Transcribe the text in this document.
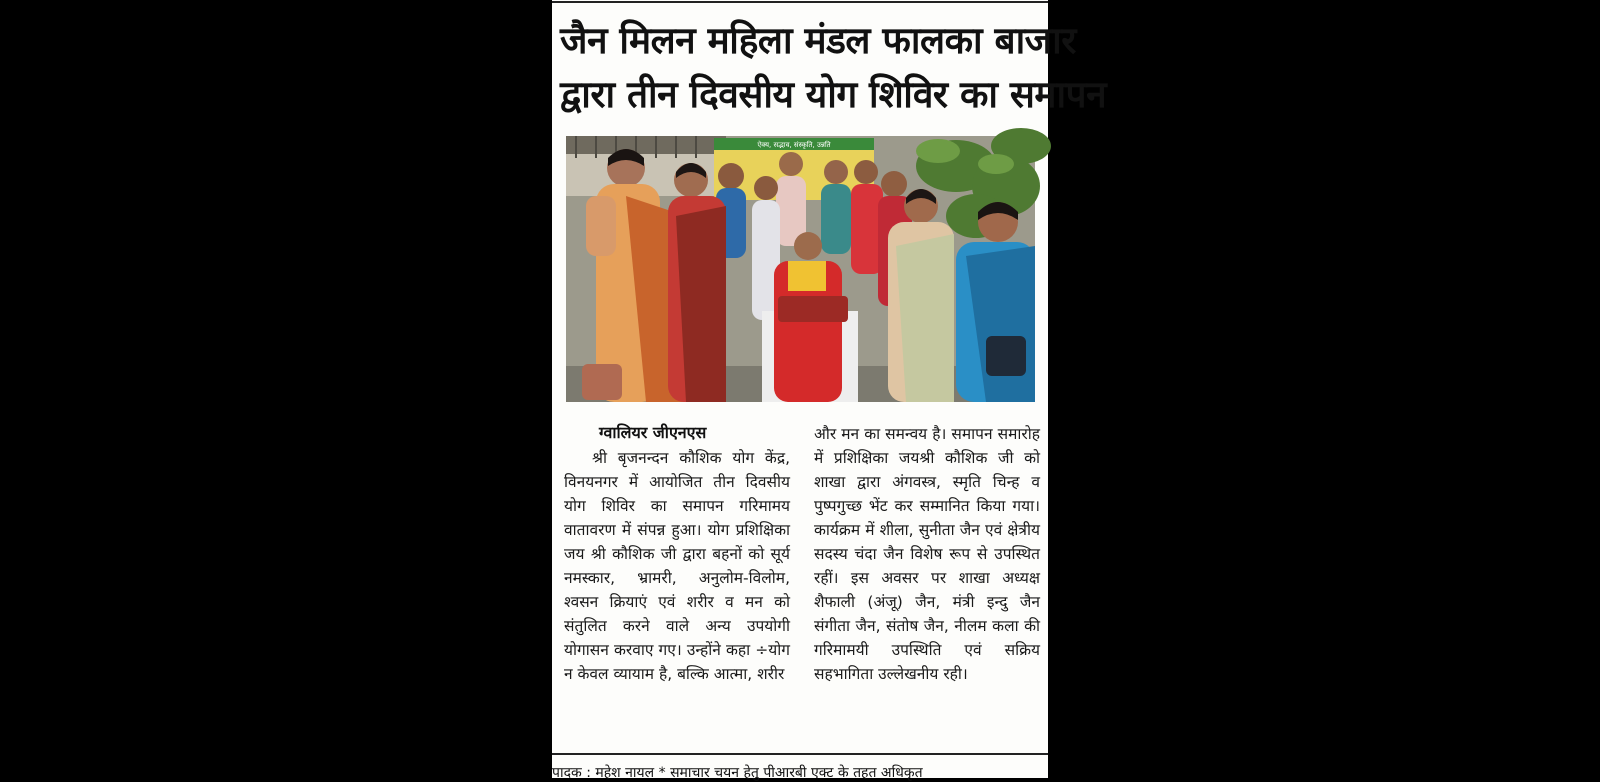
जैन मिलन महिला मंडल फालका बाजार
द्वारा तीन दिवसीय योग शिविर का समापन
ऐक्य, सद्भाव, संस्कृति, उन्नति
ग्वालियर जीएनएस
श्री बृजनन्दन कौशिक योग केंद्र, विनयनगर में आयोजित तीन दिवसीय योग शिविर का समापन गरिमामय वातावरण में संपन्न हुआ। योग प्रशिक्षिका जय श्री कौशिक जी द्वारा बहनों को सूर्य नमस्कार, भ्रामरी, अनुलोम-विलोम, श्वसन क्रियाएं एवं शरीर व मन को संतुलित करने वाले अन्य उपयोगी योगासन करवाए गए। उन्होंने कहा ÷योग न केवल व्यायाम है, बल्कि आत्मा, शरीर
और मन का समन्वय है। समापन समारोह में प्रशिक्षिका जयश्री कौशिक जी को शाखा द्वारा अंगवस्त्र, स्मृति चिन्ह व पुष्पगुच्छ भेंट कर सम्मानित किया गया। कार्यक्रम में शीला, सुनीता जैन एवं क्षेत्रीय सदस्य चंदा जैन विशेष रूप से उपस्थित रहीं। इस अवसर पर शाखा अध्यक्ष शैफाली (अंजू) जैन, मंत्री इन्दु जैन संगीता जैन, संतोष जैन, नीलम कला की गरिमामयी उपस्थिति एवं सक्रिय सहभागिता उल्लेखनीय रही।
पादक : महेश नायल * समाचार चयन हेतु पीआरबी एक्ट के तहत अधिकृत
